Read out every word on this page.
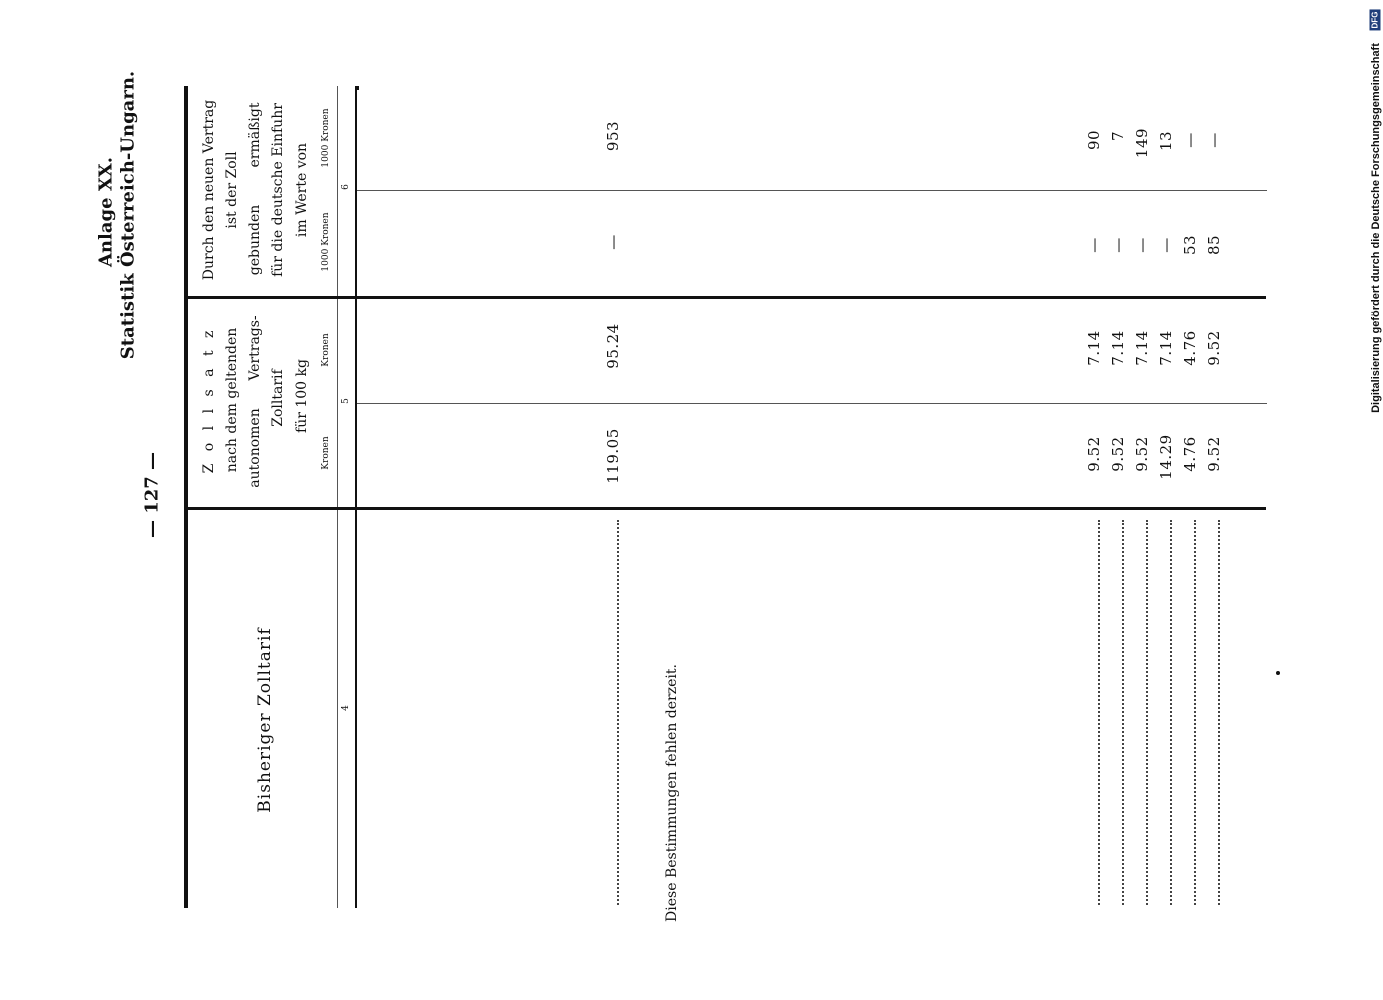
— 127 —
Anlage XX. Statistik Österreich-Ungarn.
Bisheriger Zolltarif	4
Z o l l s a t z nach dem geltenden autonomen
Vertrags-
Zolltarif für 100 kg
Kronen
Kronen
5
Durch den neuen Vertrag ist der Zoll
gebunden
ermäßigt für die deutsche Einfuhr im Werte von
1000 Kronen
1000 Kronen
6
Diese Bestimmungen fehlen derzeit.
119.05
95.24
—
953
9.52
7.14
—
90
9.52
7.14
—
7
9.52
7.14
—
149
14.29
7.14
—
13
4.76
4.76
53
—
9.52
9.52
85
—	Digitalisierung gefördert durch die Deutsche Forschungsgemeinschaft
DFG
